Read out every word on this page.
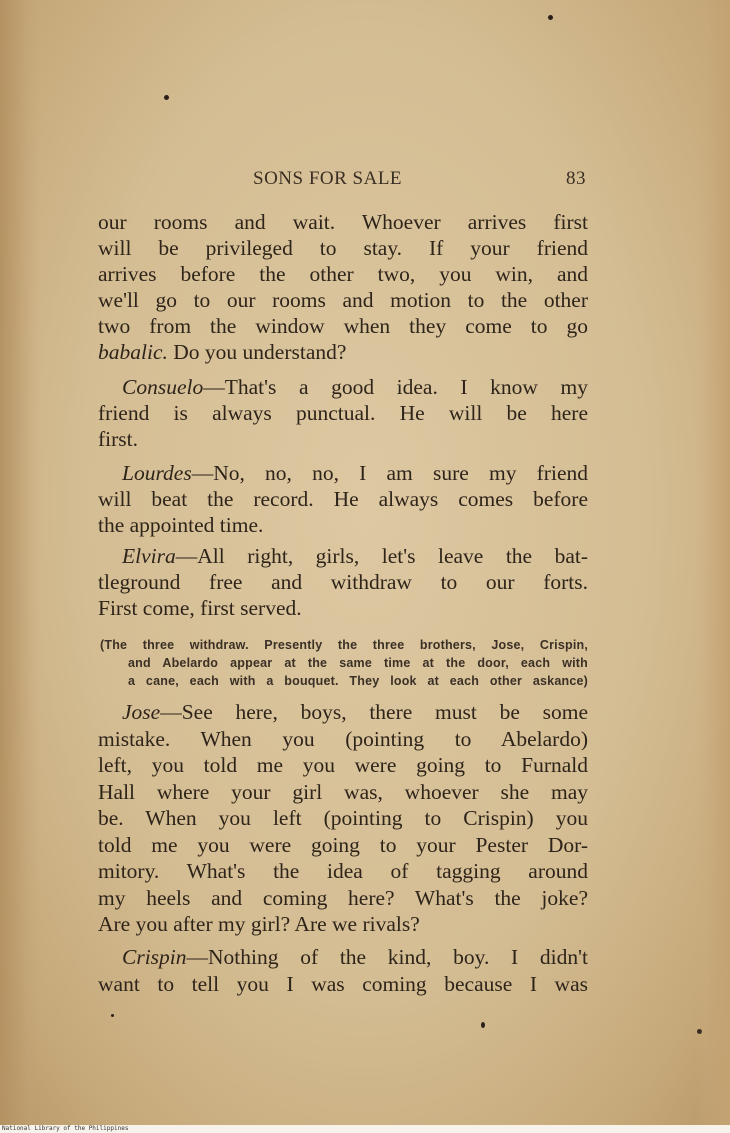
SONS FOR SALE	83
our rooms and wait. Whoever arrives first
will be privileged to stay. If your friend
arrives before the other two, you win, and
we'll go to our rooms and motion to the other
two from the window when they come to go
babalic. Do you understand?
Consuelo—That's a good idea. I know my
friend is always punctual. He will be here
first.
Lourdes—No, no, no, I am sure my friend
will beat the record. He always comes before
the appointed time.
Elvira—All right, girls, let's leave the bat-
tleground free and withdraw to our forts.
First come, first served.
(The three withdraw. Presently the three brothers, Jose, Crispin,
and Abelardo appear at the same time at the door, each with
a cane, each with a bouquet. They look at each other askance)
Jose—See here, boys, there must be some
mistake. When you (pointing to Abelardo)
left, you told me you were going to Furnald
Hall where your girl was, whoever she may
be. When you left (pointing to Crispin) you
told me you were going to your Pester Dor-
mitory. What's the idea of tagging around
my heels and coming here? What's the joke?
Are you after my girl? Are we rivals?
Crispin—Nothing of the kind, boy. I didn't
want to tell you I was coming because I was
National Library of the Philippines
